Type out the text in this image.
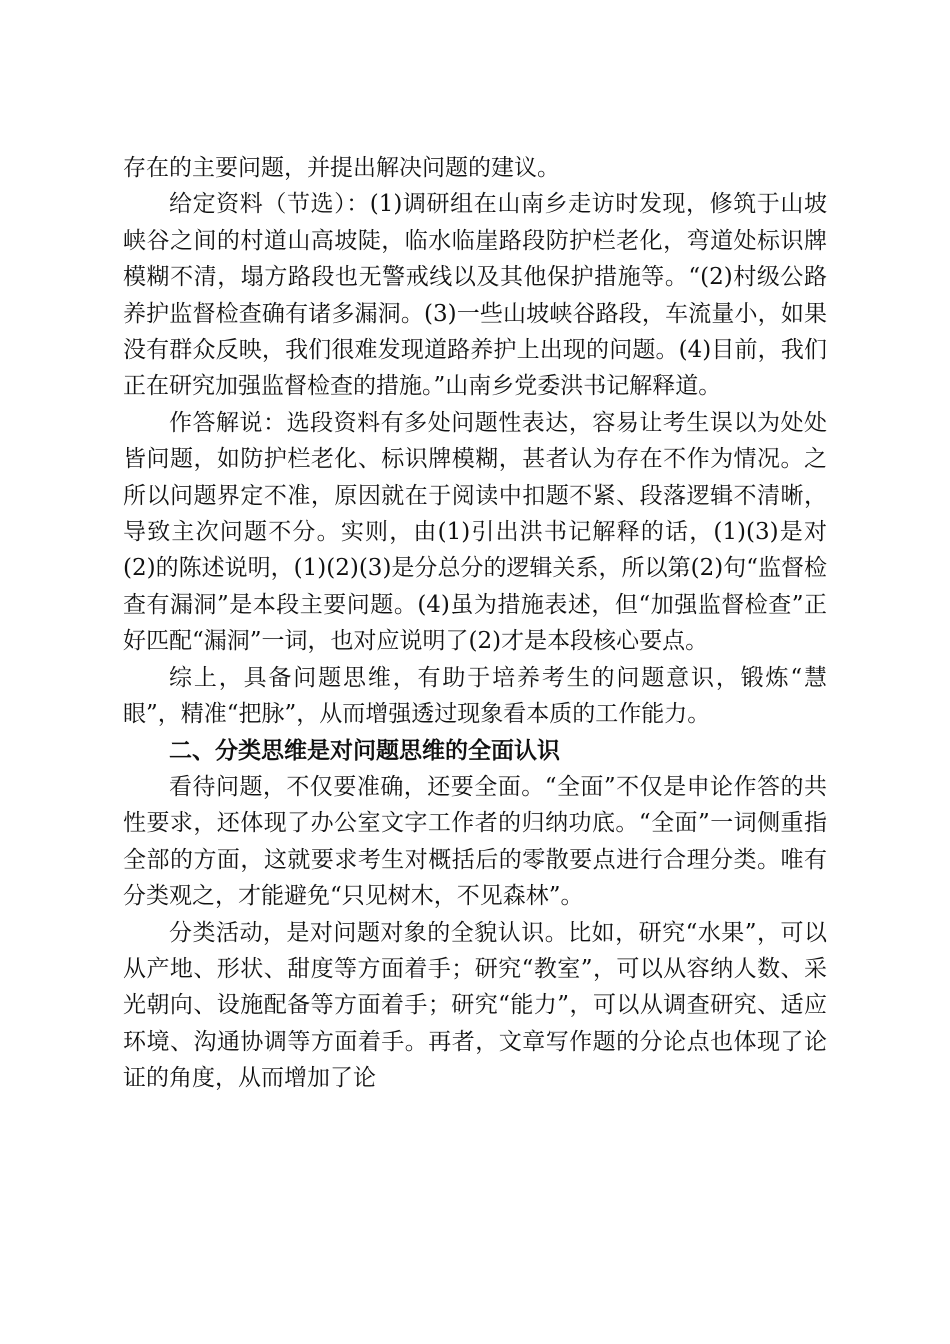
存在的主要问题，并提出解决问题的建议。

给定资料（节选）：(1)调研组在山南乡走访时发现，修筑于山坡峡谷之间的村道山高坡陡，临水临崖路段防护栏老化，弯道处标识牌模糊不清，塌方路段也无警戒线以及其他保护措施等。“(2)村级公路养护监督检查确有诸多漏洞。(3)一些山坡峡谷路段，车流量小，如果没有群众反映，我们很难发现道路养护上出现的问题。(4)目前，我们正在研究加强监督检查的措施。”山南乡党委洪书记解释道。

作答解说：选段资料有多处问题性表达，容易让考生误以为处处皆问题，如防护栏老化、标识牌模糊，甚者认为存在不作为情况。之所以问题界定不准，原因就在于阅读中扣题不紧、段落逻辑不清晰，导致主次问题不分。实则，由(1)引出洪书记解释的话，(1)(3)是对(2)的陈述说明，(1)(2)(3)是分总分的逻辑关系，所以第(2)句“监督检查有漏洞”是本段主要问题。(4)虽为措施表述，但“加强监督检查”正好匹配“漏洞”一词，也对应说明了(2)才是本段核心要点。

综上，具备问题思维，有助于培养考生的问题意识，锻炼“慧眼”，精准“把脉”，从而增强透过现象看本质的工作能力。

二、分类思维是对问题思维的全面认识

看待问题，不仅要准确，还要全面。“全面”不仅是申论作答的共性要求，还体现了办公室文字工作者的归纳功底。“全面”一词侧重指全部的方面，这就要求考生对概括后的零散要点进行合理分类。唯有分类观之，才能避免“只见树木，不见森林”。

分类活动，是对问题对象的全貌认识。比如，研究“水果”，可以从产地、形状、甜度等方面着手；研究“教室”，可以从容纳人数、采光朝向、设施配备等方面着手；研究“能力”，可以从调查研究、适应环境、沟通协调等方面着手。再者，文章写作题的分论点也体现了论证的角度，从而增加了论
